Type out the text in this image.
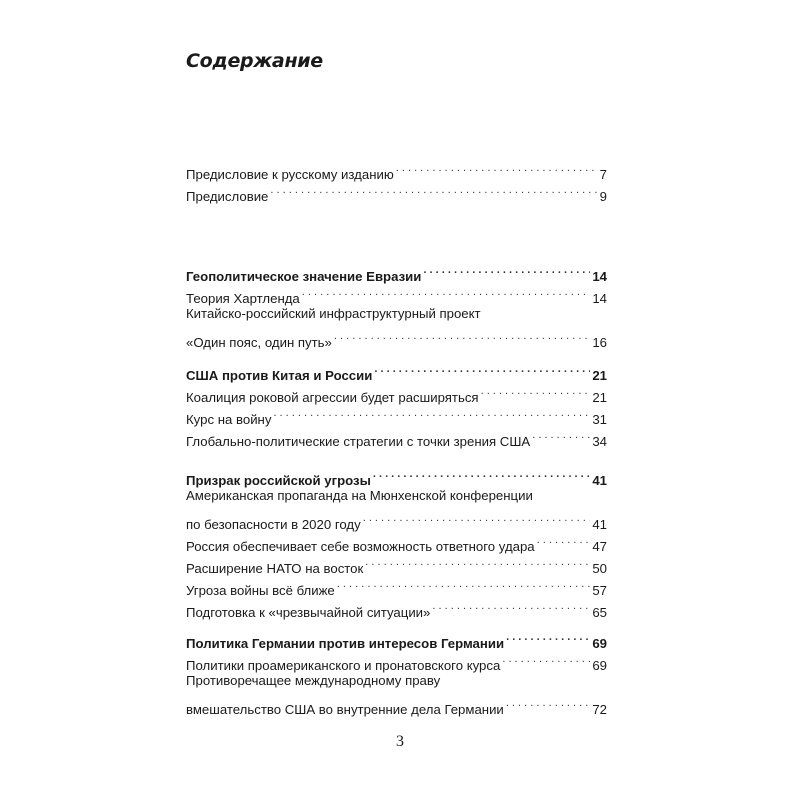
Содержание
Предисловие к русскому изданию . . .	7
Предисловие . . .	9
Геополитическое значение Евразии . . .	14
Теория Хартленда . . .	14
Китайско-российский инфраструктурный проект
«Один пояс, один путь» . . .	16
США против Китая и России . . .	21
Коалиция роковой агрессии будет расширяться . . .	21
Курс на войну . . .	31
Глобально-политические стратегии с точки зрения США . . .	34
Призрак российской угрозы . . .	41
Американская пропаганда на Мюнхенской конференции
по безопасности в 2020 году . . .	41
Россия обеспечивает себе возможность ответного удара . . .	47
Расширение НАТО на восток . . .	50
Угроза войны всё ближе . . .	57
Подготовка к «чрезвычайной ситуации» . . .	65
Политика Германии против интересов Германии . . .	69
Политики проамериканского и пронатовского курса . . .	69
Противоречащее международному праву
вмешательство США во внутренние дела Германии . . .	72
3
